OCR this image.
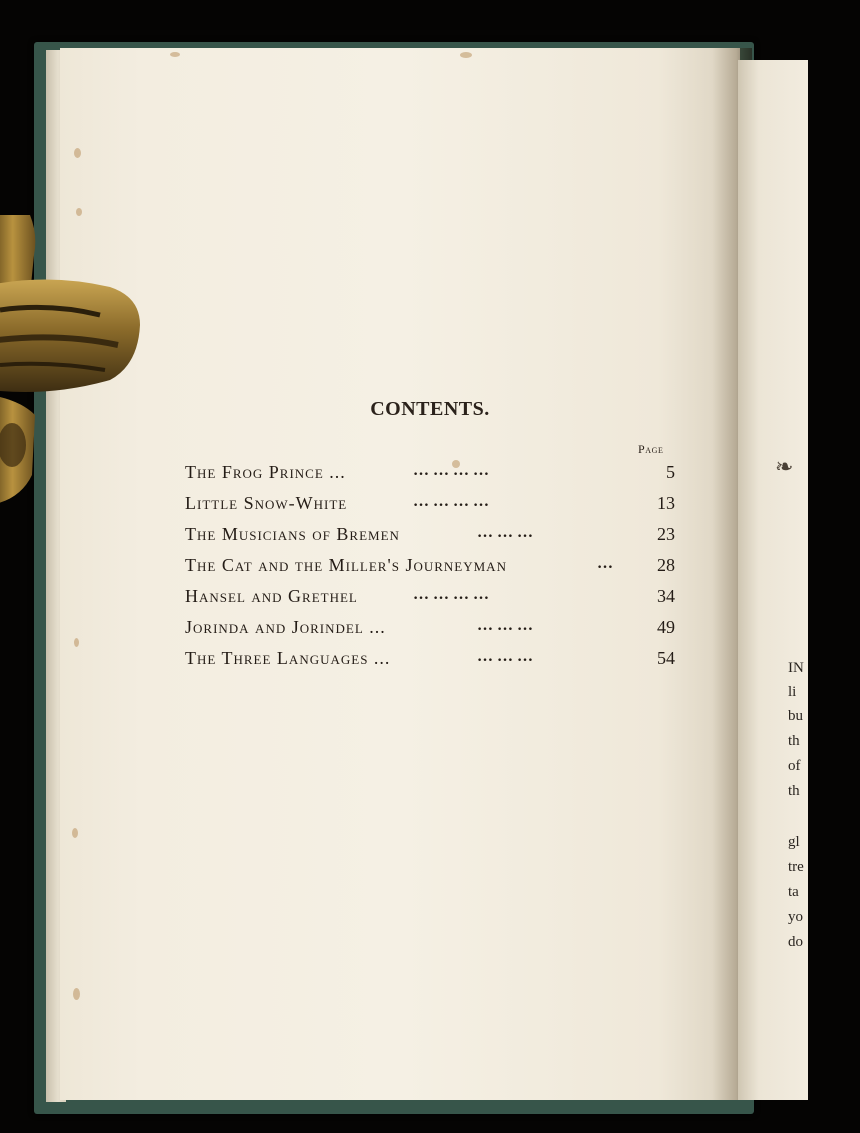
❧
IN
li
bu
th
of
th
gl
tre
ta
yo
do
CONTENTS.
Page
The Frog Prince ...	… … … …	5
Little Snow-White	… … … …	13
The Musicians of Bremen	… … …	23
The Cat and the Miller's Journeyman	…	28
Hansel and Grethel	… … … …	34
Jorinda and Jorindel ...	… … …	49
The Three Languages ...	… … …	54
